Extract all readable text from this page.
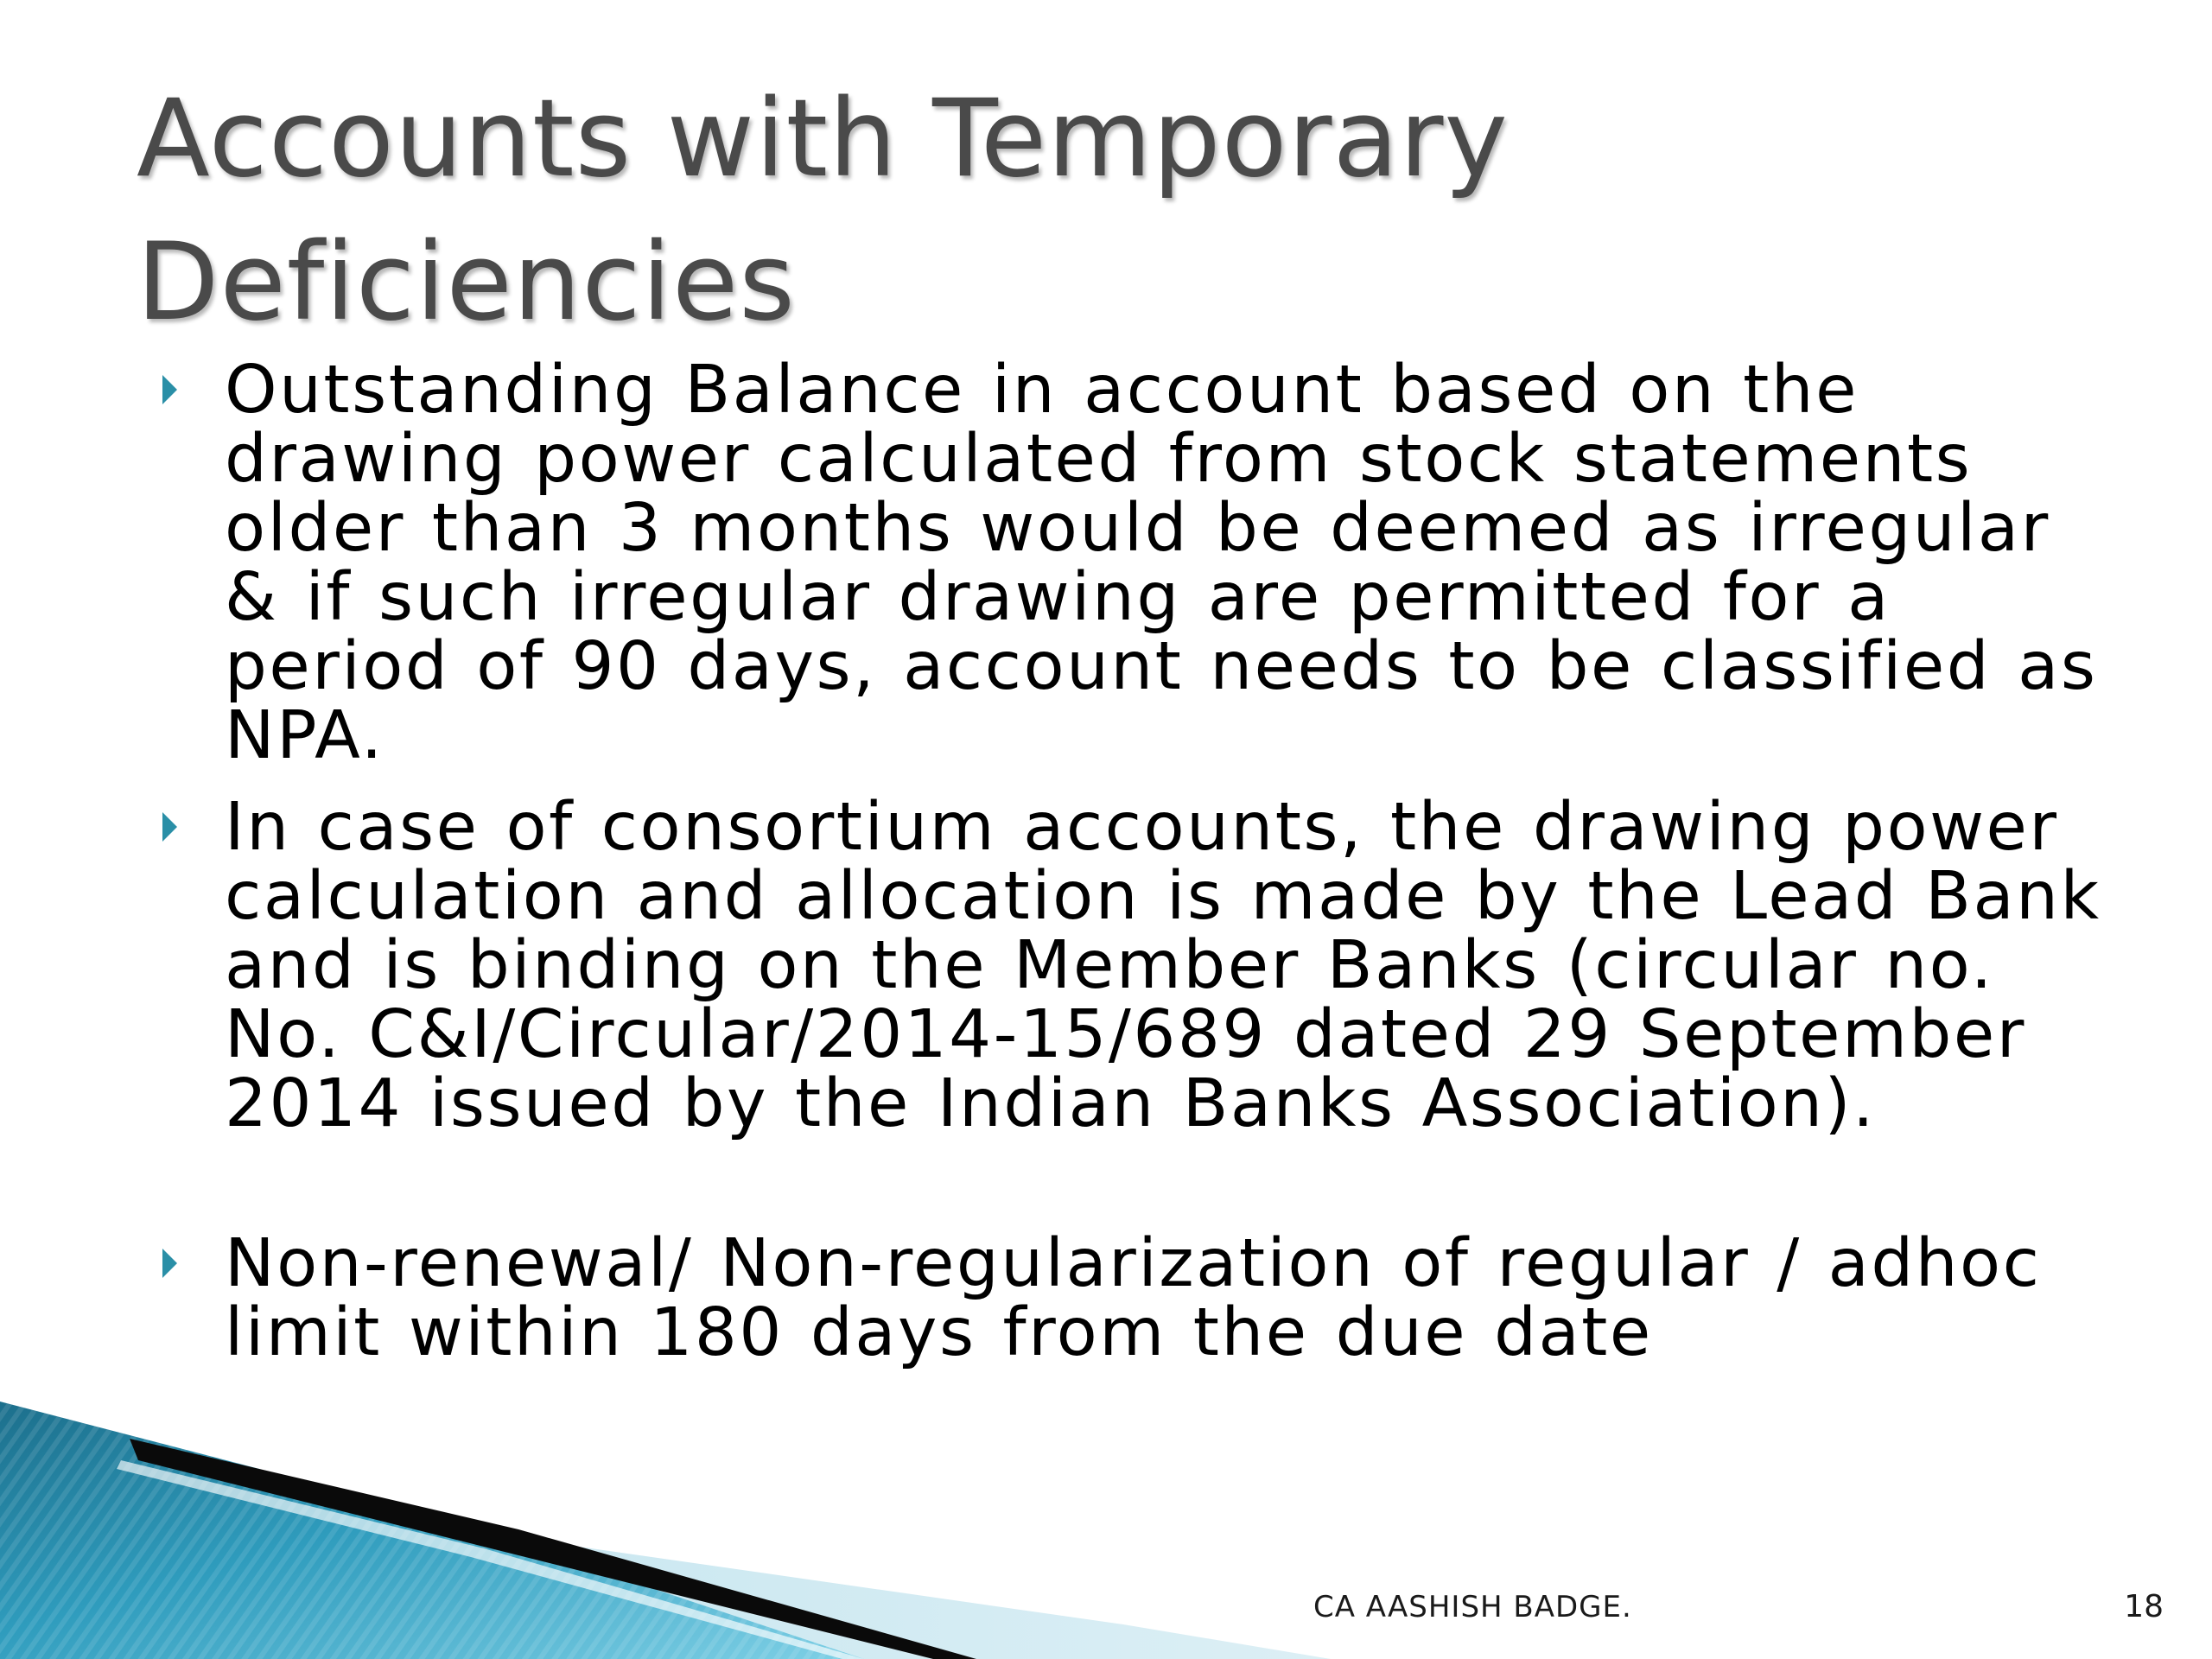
Accounts with Temporary Deficiencies
Outstanding Balance in account based on the drawing power calculated from stock statements older than 3 months would be deemed as irregular & if such irregular drawing are permitted for a period of 90 days, account needs to be classified as NPA.
In case of consortium accounts, the drawing power calculation and allocation is made by the Lead Bank and is binding on the Member Banks (circular no. No. C&I/Circular/2014-15/689 dated 29 September 2014 issued by the Indian Banks Association).
Non-renewal/ Non-regularization of regular / adhoc limit within 180 days from the due date
CA AASHISH BADGE.	18
